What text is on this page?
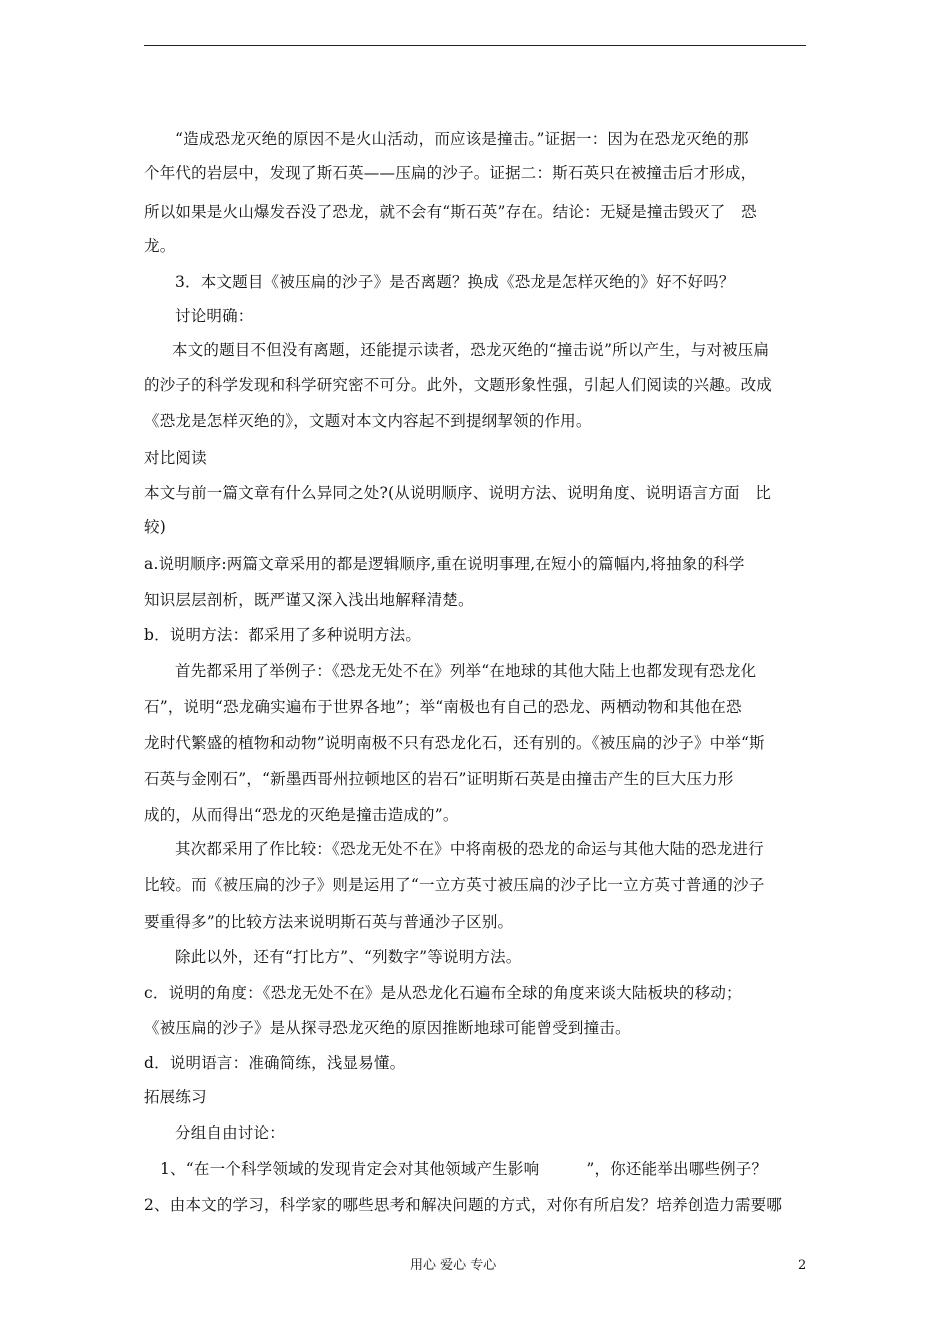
“造成恐龙灭绝的原因不是火山活动，而应该是撞击。”证据一：因为在恐龙灭绝的那
个年代的岩层中，发现了斯石英——压扁的沙子。证据二：斯石英只在被撞击后才形成，
所以如果是火山爆发吞没了恐龙，就不会有“斯石英”存在。结论：无疑是撞击毁灭了　恐
龙。
3．本文题目《被压扁的沙子》是否离题？换成《恐龙是怎样灭绝的》好不好吗？
讨论明确：
本文的题目不但没有离题，还能提示读者，恐龙灭绝的“撞击说”所以产生，与对被压扁
的沙子的科学发现和科学研究密不可分。此外，文题形象性强，引起人们阅读的兴趣。改成
《恐龙是怎样灭绝的》，文题对本文内容起不到提纲挈领的作用。
对比阅读
本文与前一篇文章有什么异同之处?(从说明顺序、说明方法、说明角度、说明语言方面　比
较)
a.说明顺序:两篇文章采用的都是逻辑顺序,重在说明事理,在短小的篇幅内,将抽象的科学
知识层层剖析，既严谨又深入浅出地解释清楚。
b．说明方法：都采用了多种说明方法。
首先都采用了举例子：《恐龙无处不在》列举“在地球的其他大陆上也都发现有恐龙化
石”，说明“恐龙确实遍布于世界各地”；举“南极也有自己的恐龙、两栖动物和其他在恐
龙时代繁盛的植物和动物”说明南极不只有恐龙化石，还有别的。《被压扁的沙子》中举“斯
石英与金刚石”，“新墨西哥州拉顿地区的岩石”证明斯石英是由撞击产生的巨大压力形
成的，从而得出“恐龙的灭绝是撞击造成的”。
其次都采用了作比较：《恐龙无处不在》中将南极的恐龙的命运与其他大陆的恐龙进行
比较。而《被压扁的沙子》则是运用了“一立方英寸被压扁的沙子比一立方英寸普通的沙子
要重得多”的比较方法来说明斯石英与普通沙子区别。
除此以外，还有“打比方”、“列数字”等说明方法。
c．说明的角度：《恐龙无处不在》是从恐龙化石遍布全球的角度来谈大陆板块的移动；
《被压扁的沙子》是从探寻恐龙灭绝的原因推断地球可能曾受到撞击。
d．说明语言：准确简练，浅显易懂。
拓展练习
分组自由讨论：
1、“在一个科学领域的发现肯定会对其他领域产生影响　　　”，你还能举出哪些例子？
2、由本文的学习，科学家的哪些思考和解决问题的方式，对你有所启发？培养创造力需要哪
用心 爱心 专心	2
